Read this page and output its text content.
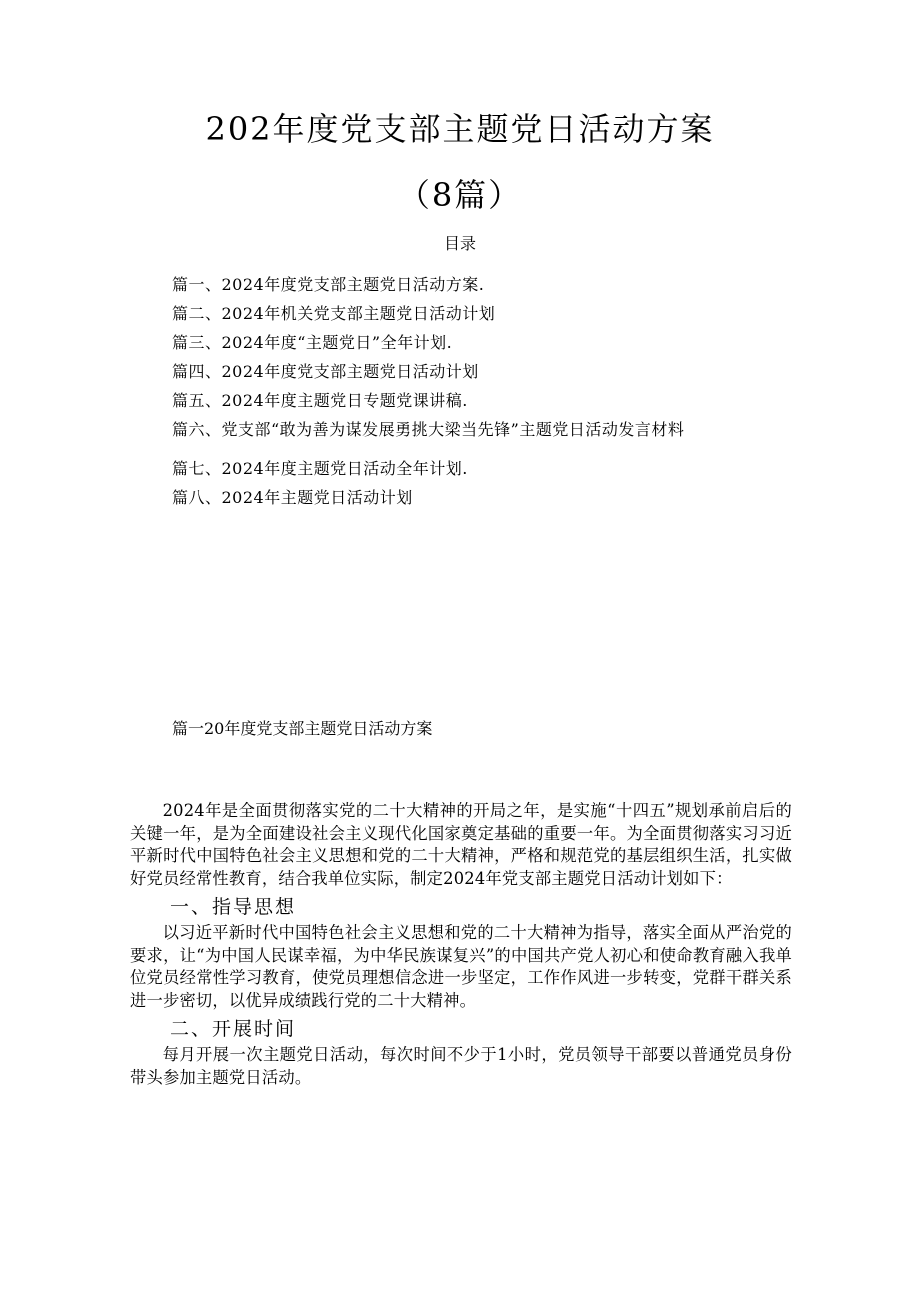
202年度党支部主题党日活动方案
（8篇）
目录
篇一、2024年度党支部主题党日活动方案.
篇二、2024年机关党支部主题党日活动计划
篇三、2024年度“主题党日”全年计划.
篇四、2024年度党支部主题党日活动计划
篇五、2024年度主题党日专题党课讲稿.
篇六、党支部“敢为善为谋发展勇挑大梁当先锋”主题党日活动发言材料
篇七、2024年度主题党日活动全年计划.
篇八、2024年主题党日活动计划
篇一20年度党支部主题党日活动方案

2024年是全面贯彻落实党的二十大精神的开局之年，是实施“十四五”规划承前启后的关键一年，是为全面建设社会主义现代化国家奠定基础的重要一年。为全面贯彻落实习习近平新时代中国特色社会主义思想和党的二十大精神，严格和规范党的基层组织生活，扎实做好党员经常性教育，结合我单位实际，制定2024年党支部主题党日活动计划如下：

一、指导思想

以习近平新时代中国特色社会主义思想和党的二十大精神为指导，落实全面从严治党的要求，让“为中国人民谋幸福，为中华民族谋复兴”的中国共产党人初心和使命教育融入我单位党员经常性学习教育，使党员理想信念进一步坚定，工作作风进一步转变，党群干群关系进一步密切，以优异成绩践行党的二十大精神。

二、开展时间

每月开展一次主题党日活动，每次时间不少于1小时，党员领导干部要以普通党员身份带头参加主题党日活动。
